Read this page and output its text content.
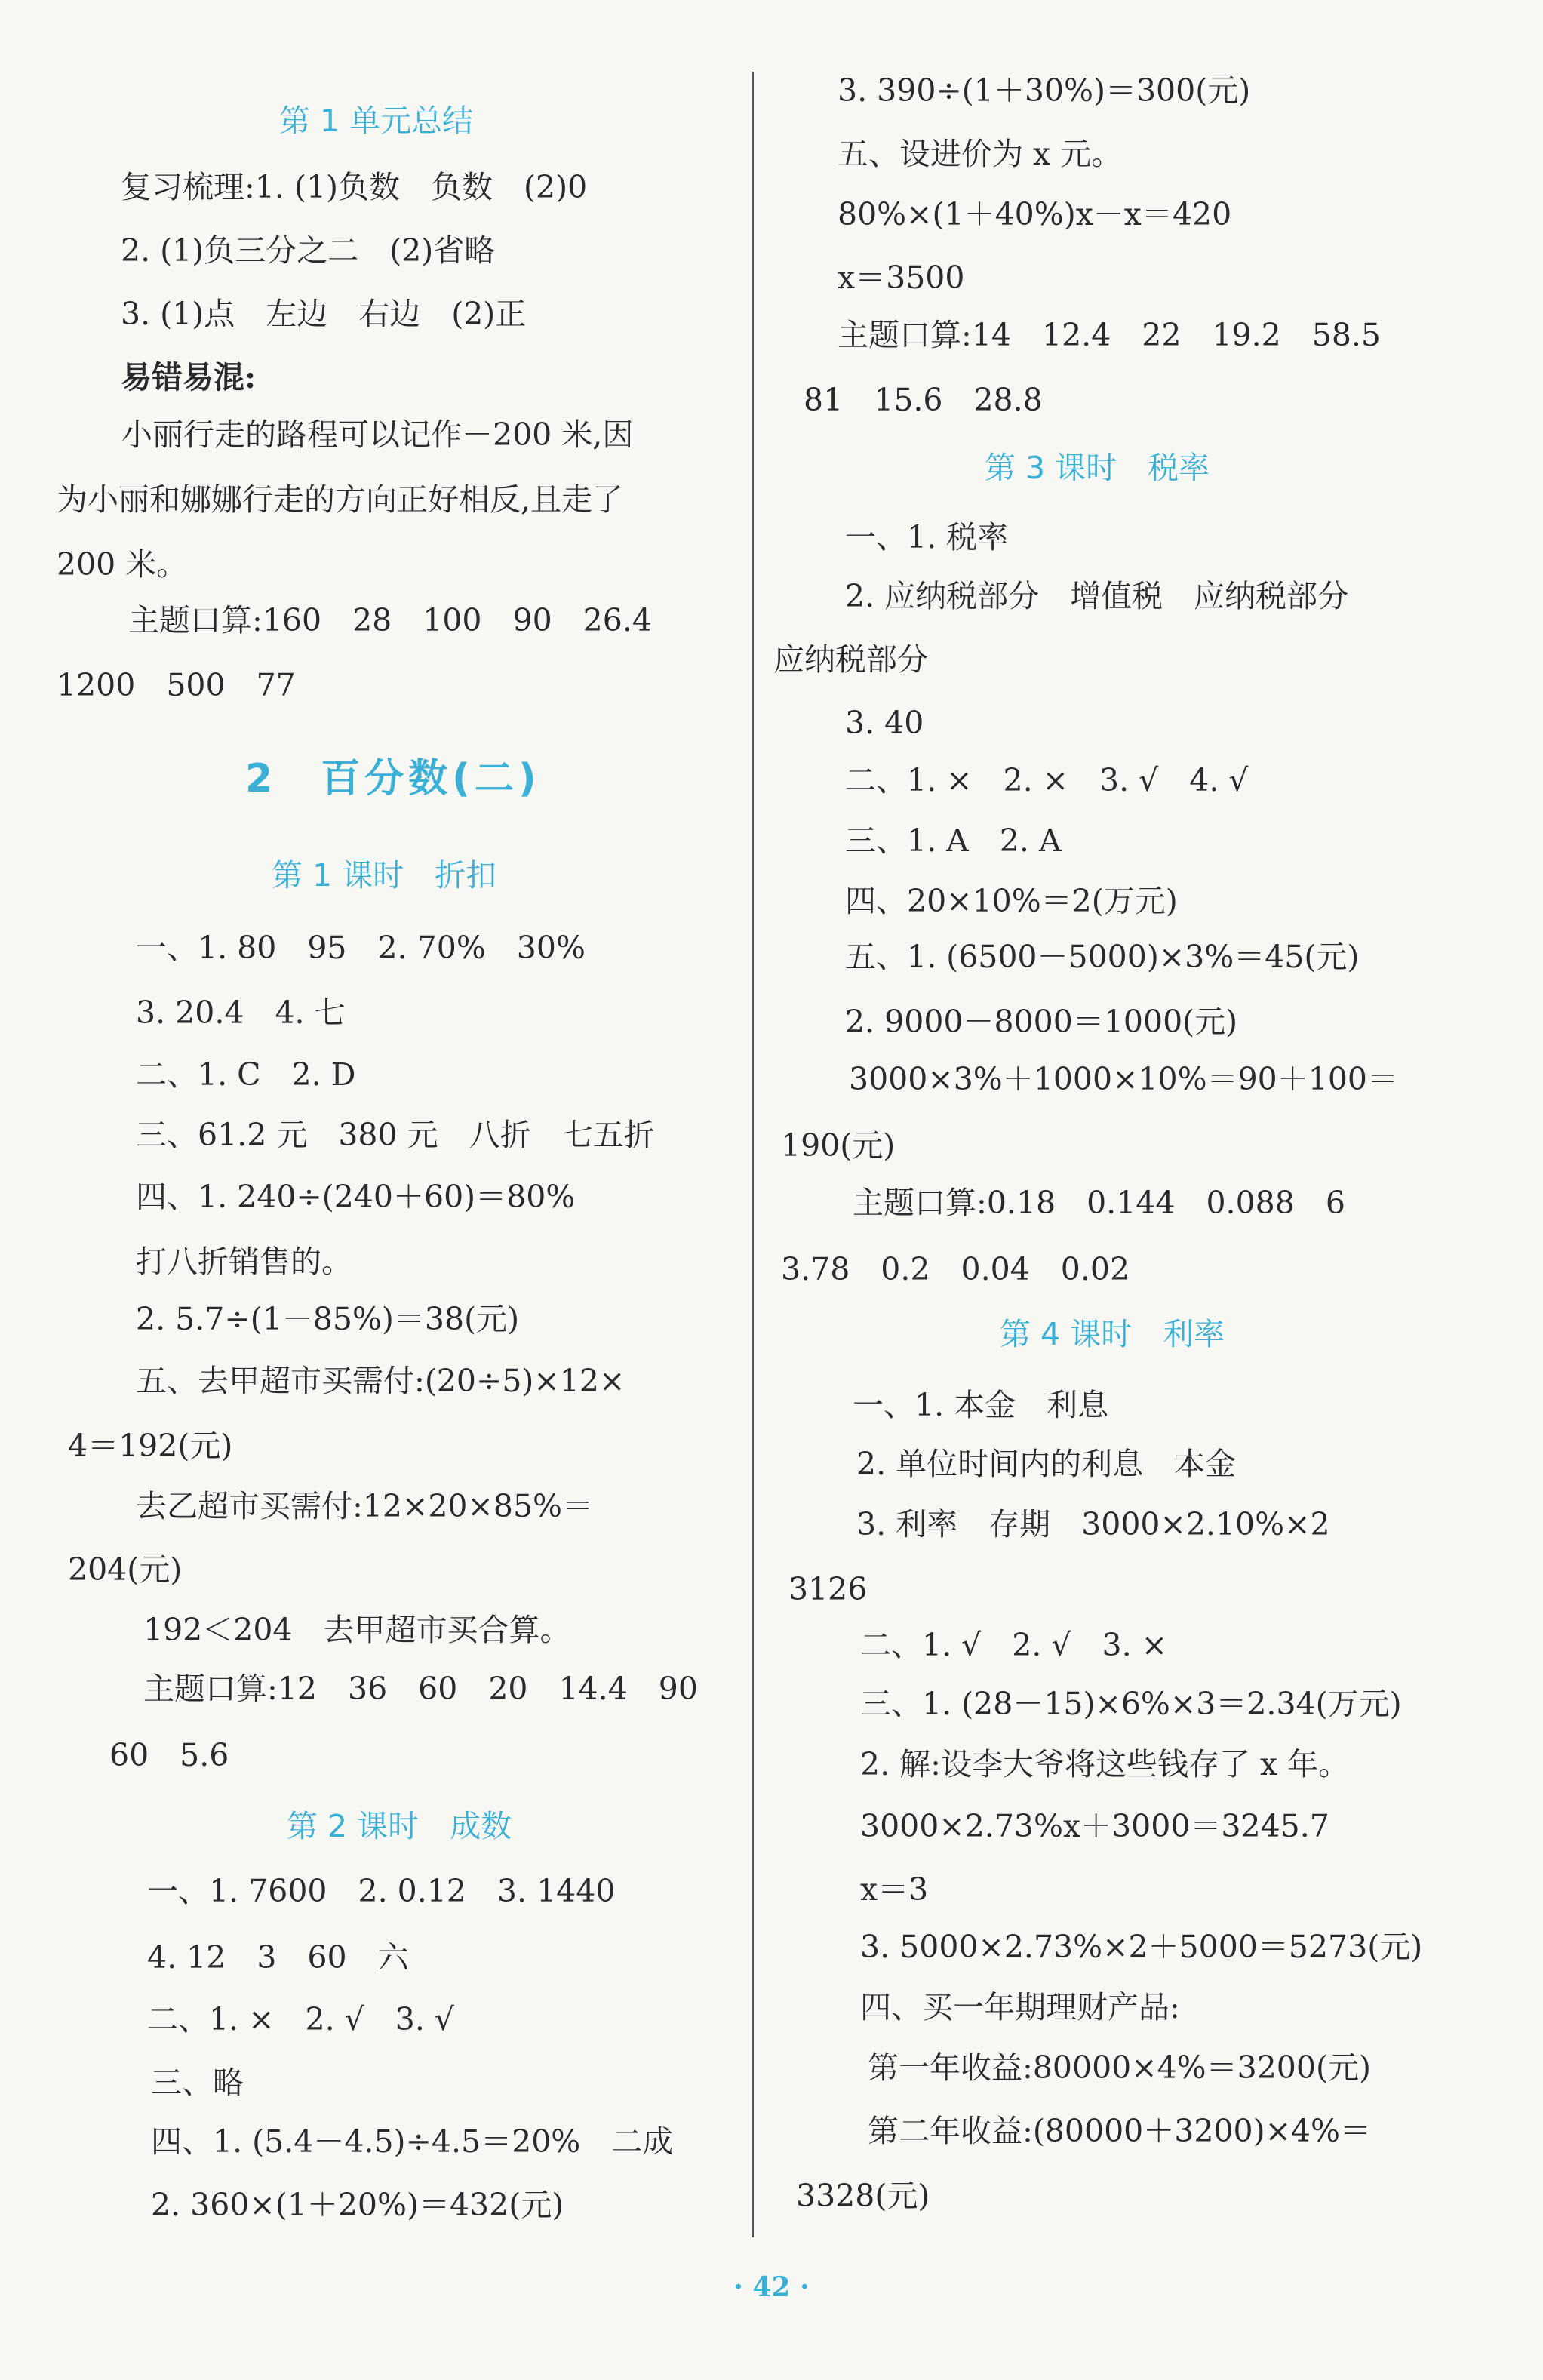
第 1 单元总结
复习梳理:1. (1)负数　负数　(2)0
2. (1)负三分之二　(2)省略
3. (1)点　左边　右边　(2)正
易错易混:
　小丽行走的路程可以记作－200 米,因
为小丽和娜娜行走的方向正好相反,且走了
200 米。
主题口算:160　28　100　90　26.4
1200　500　77
2　百分数(二)
第 1 课时　折扣
一、1. 80　95　2. 70%　30%
3. 20.4　4. 七
二、1. C　2. D
三、61.2 元　380 元　八折　七五折
四、1. 240÷(240＋60)＝80%
打八折销售的。
2. 5.7÷(1－85%)＝38(元)
五、去甲超市买需付:(20÷5)×12×
4＝192(元)
去乙超市买需付:12×20×85%＝
204(元)
192＜204　去甲超市买合算。
主题口算:12　36　60　20　14.4　90
60　5.6
第 2 课时　成数
一、1. 7600　2. 0.12　3. 1440
4. 12　3　60　六
二、1. ×　2. √　3. √
三、略
四、1. (5.4－4.5)÷4.5＝20%　二成
2. 360×(1＋20%)＝432(元)
3. 390÷(1＋30%)＝300(元)
五、设进价为 x 元。
80%×(1＋40%)x－x＝420
x＝3500
主题口算:14　12.4　22　19.2　58.5
81　15.6　28.8
第 3 课时　税率
一、1. 税率
2. 应纳税部分　增值税　应纳税部分
应纳税部分
3. 40
二、1. ×　2. ×　3. √　4. √
三、1. A　2. A
四、20×10%＝2(万元)
五、1. (6500－5000)×3%＝45(元)
2. 9000－8000＝1000(元)
3000×3%＋1000×10%＝90＋100＝
190(元)
主题口算:0.18　0.144　0.088　6
3.78　0.2　0.04　0.02
第 4 课时　利率
一、1. 本金　利息
2. 单位时间内的利息　本金
3. 利率　存期　3000×2.10%×2
3126
二、1. √　2. √　3. ×
三、1. (28－15)×6%×3＝2.34(万元)
2. 解:设李大爷将这些钱存了 x 年。
3000×2.73%x＋3000＝3245.7
x＝3
3. 5000×2.73%×2＋5000＝5273(元)
四、买一年期理财产品:
第一年收益:80000×4%＝3200(元)
第二年收益:(80000＋3200)×4%＝
3328(元)
· 42 ·
